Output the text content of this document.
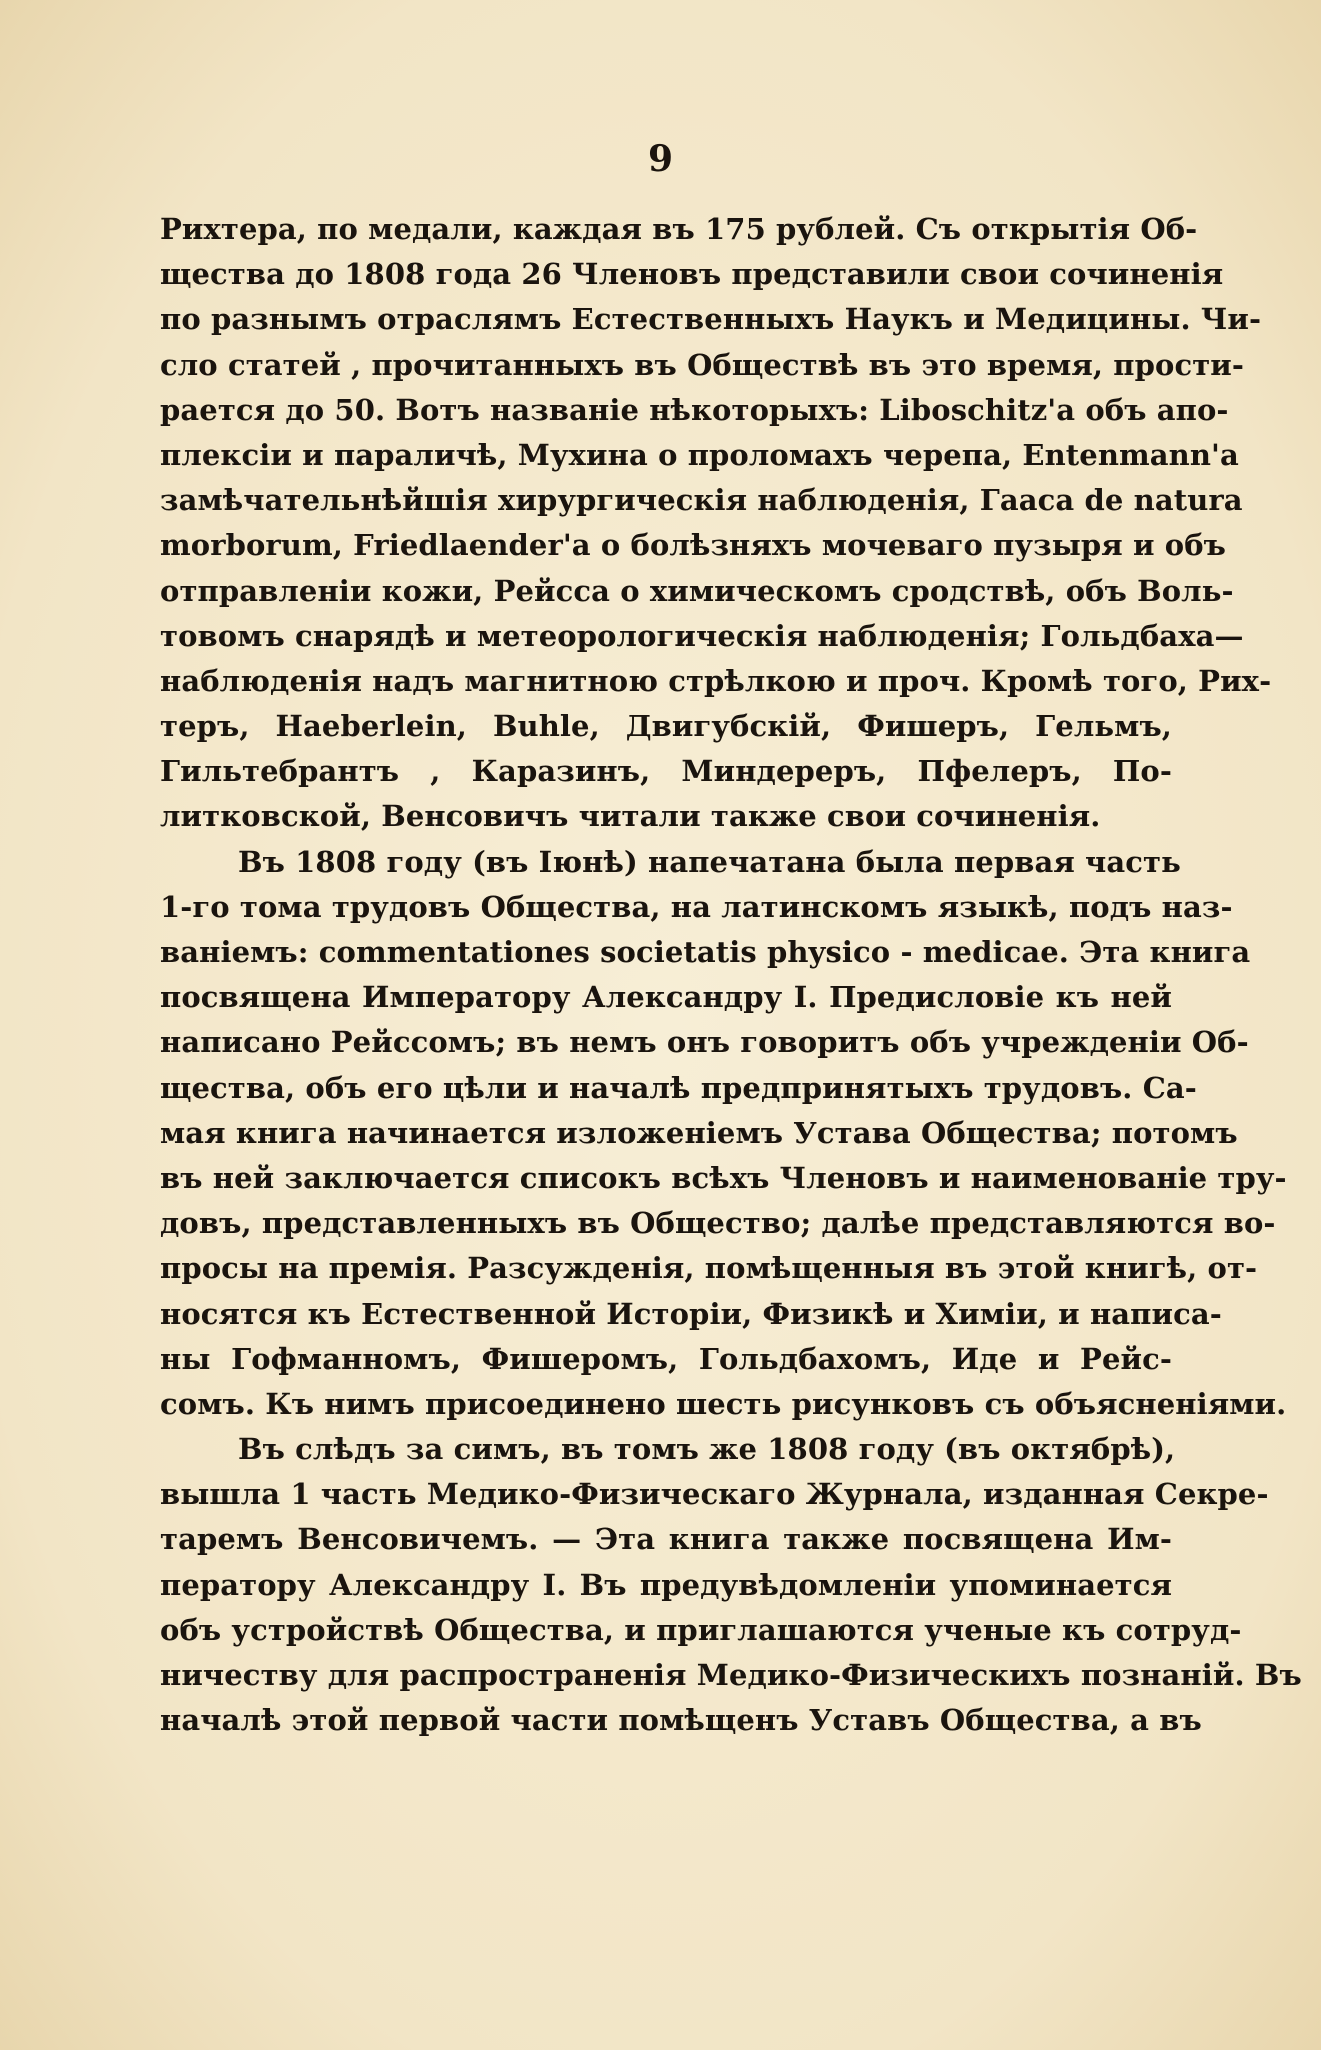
9
Рихтера, по медали, каждая въ 175 рублей. Съ открытія Об-
щества до 1808 года 26 Членовъ представили свои сочиненія
по разнымъ отраслямъ Естественныхъ Наукъ и Медицины. Чи-
сло статей , прочитанныхъ въ Обществѣ въ это время, прости-
рается до 50. Вотъ названіе нѣкоторыхъ: Liboschitz'а объ апо-
плексіи и параличѣ, Мухина о проломахъ черепа, Entеnmann'а
замѣчательнѣйшія хирургическія наблюденія, Гааса de natura
morborum, Friedlaender'а о болѣзняхъ мочеваго пузыря и объ
отправленіи кожи, Рейсса о химическомъ сродствѣ, объ Воль-
товомъ снарядѣ и метеорологическія наблюденія; Гольдбаха—
наблюденія надъ магнитною стрѣлкою и проч. Кромѣ того, Рих-
теръ, Haeberlein, Buhle, Двигубскій, Фишеръ, Гельмъ,
Гильтебрантъ , Каразинъ, Миндерeръ, Пфелеръ, По-
литковской, Венсовичъ читали также свои сочиненія.
Въ 1808 году (въ Іюнѣ) напечатана была первая часть
1-го тома трудовъ Общества, на латинскомъ языкѣ, подъ наз-
ваніемъ: commentationes societatis physico - medicae. Эта книга
посвящена Императору Александру I. Предисловіе къ ней
написано Рейссомъ; въ немъ онъ говоритъ объ учрежденіи Об-
щества, объ его цѣли и началѣ предпринятыхъ трудовъ. Са-
мая книга начинается изложеніемъ Устава Общества; потомъ
въ ней заключается списокъ всѣхъ Членовъ и наименованіе тру-
довъ, представленныхъ въ Общество; далѣе представляются во-
просы на премія. Разсужденія, помѣщенныя въ этой книгѣ, от-
носятся къ Естественной Исторіи, Физикѣ и Химіи, и написа-
ны Гофманномъ, Фишеромъ, Гольдбахомъ, Иде и Рейс-
сомъ. Къ нимъ присоединено шесть рисунковъ съ объясненіями.
Въ слѣдъ за симъ, въ томъ же 1808 году (въ октябрѣ),
вышла 1 часть Медико-Физическаго Журнала, изданная Секре-
таремъ Венсовичемъ. — Эта книга также посвящена Им-
ператору Александру I. Въ предувѣдомленіи упоминается
объ устройствѣ Общества, и приглашаются ученые къ сотруд-
ничеству для распространенія Медико-Физическихъ познаній. Въ
началѣ этой первой части помѣщенъ Уставъ Общества, а въ
